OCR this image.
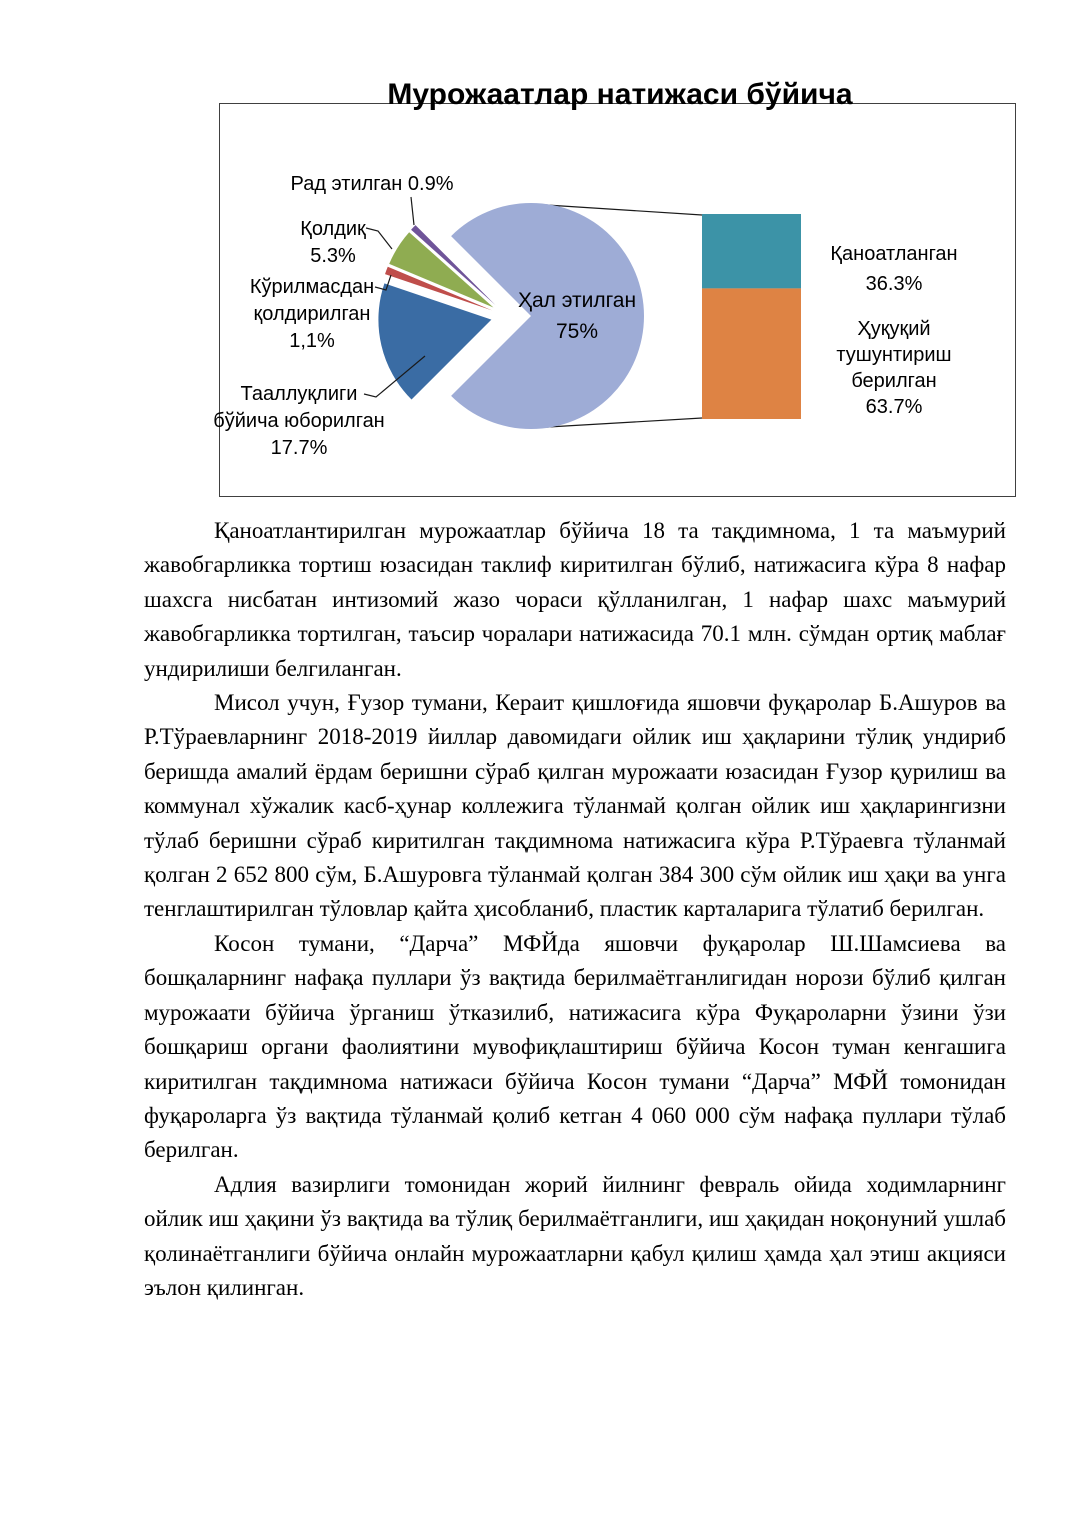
Мурожаатлар натижаси бўйича
Ҳал этилган
75%
Тааллуқлиги
бўйича юборилган
17.7%
Кўрилмасдан
қолдирилган
1,1%
Қолдиқ
5.3%
Рад этилган 0.9%
Қаноатланган
36.3%
Ҳуқуқий
тушунтириш
берилган
63.7%

Қаноатлантирилган мурожаатлар бўйича 18 та тақдимнома, 1 та маъмурий жавобгарликка тортиш юзасидан таклиф киритилган бўлиб, натижасига кўра 8 нафар шахсга нисбатан интизомий жазо чораси қўлланилган, 1 нафар шахс маъмурий жавобгарликка тортилган, таъсир чоралари натижасида 70.1 млн. сўмдан ортиқ маблағ ундирилиши белгиланган.

Мисол учун, Ғузор тумани, Кераит қишлоғида яшовчи фуқаролар Б.Ашуров ва Р.Тўраевларнинг 2018-2019 йиллар давомидаги ойлик иш ҳақларини тўлиқ ундириб беришда амалий ёрдам беришни сўраб қилган мурожаати юзасидан Ғузор қурилиш ва коммунал хўжалик касб-ҳунар коллежига тўланмай қолган ойлик иш ҳақларингизни тўлаб беришни сўраб киритилган тақдимнома натижасига кўра Р.Тўраевга тўланмай қолган 2 652 800 сўм, Б.Ашуровга тўланмай қолган 384 300 сўм ойлик иш ҳақи ва унга тенглаштирилган тўловлар қайта ҳисобланиб, пластик карталарига тўлатиб берилган.

Косон тумани, “Дарча” МФЙда яшовчи фуқаролар Ш.Шамсиева ва бошқаларнинг нафақа пуллари ўз вақтида берилмаётганлигидан норози бўлиб қилган мурожаати бўйича ўрганиш ўтказилиб, натижасига кўра Фуқароларни ўзини ўзи бошқариш органи фаолиятини мувофиқлаштириш бўйича Косон туман кенгашига киритилган тақдимнома натижаси бўйича Косон тумани “Дарча” МФЙ томонидан фуқароларга ўз вақтида тўланмай қолиб кетган 4 060 000 сўм нафақа пуллари тўлаб берилган.

Адлия вазирлиги томонидан жорий йилнинг февраль ойида ходимларнинг ойлик иш ҳақини ўз вақтида ва тўлиқ берилмаётганлиги, иш ҳақидан ноқонуний ушлаб қолинаётганлиги бўйича онлайн мурожаатларни қабул қилиш ҳамда ҳал этиш акцияси эълон қилинган.
